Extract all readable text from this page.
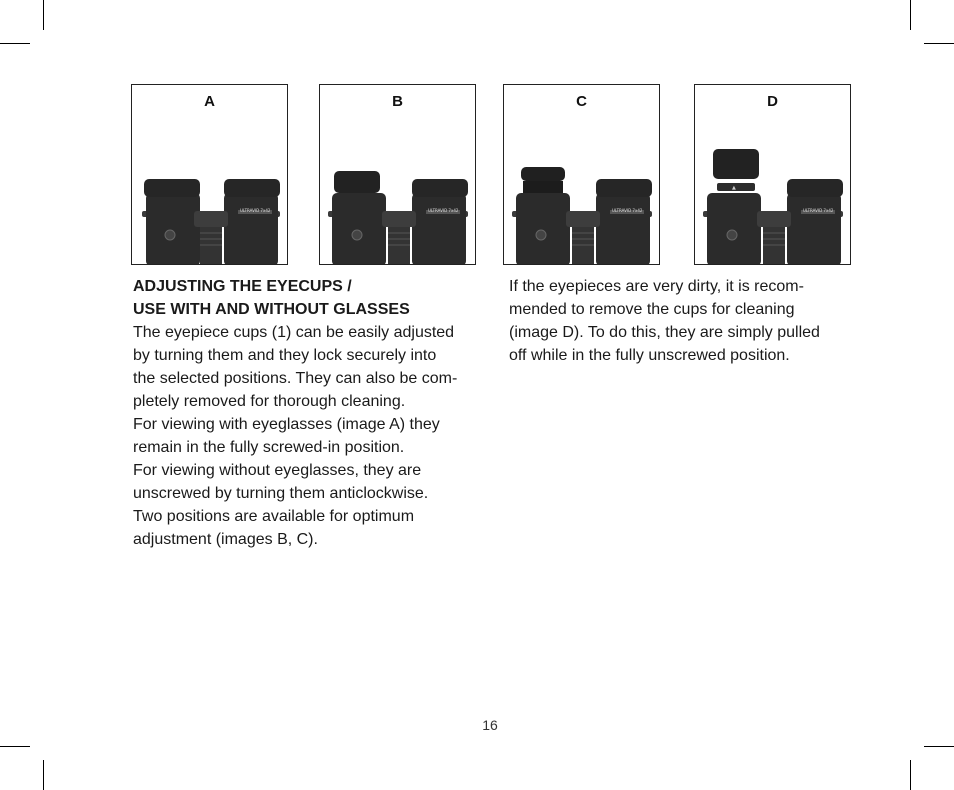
A
ULTRAVID 7x42
B
ULTRAVID 7x42
C
ULTRAVID 7x42
D
▲
ULTRAVID 7x42

ADJUSTING THE EYECUPS /

USE WITH AND WITHOUT GLASSES

The eyepiece cups (1) can be easily adjusted

by turning them and they lock securely into

the selected positions. They can also be com-

pletely removed for thorough cleaning.

For viewing with eyeglasses (image A) they

remain in the fully screwed-in position.

For viewing without eyeglasses, they are

unscrewed by turning them anticlockwise.

Two positions are available for optimum

adjustment (images B, C).

If the eyepieces are very dirty, it is recom-

mended to remove the cups for cleaning

(image D). To do this, they are simply pulled

off while in the fully unscrewed position.

16
